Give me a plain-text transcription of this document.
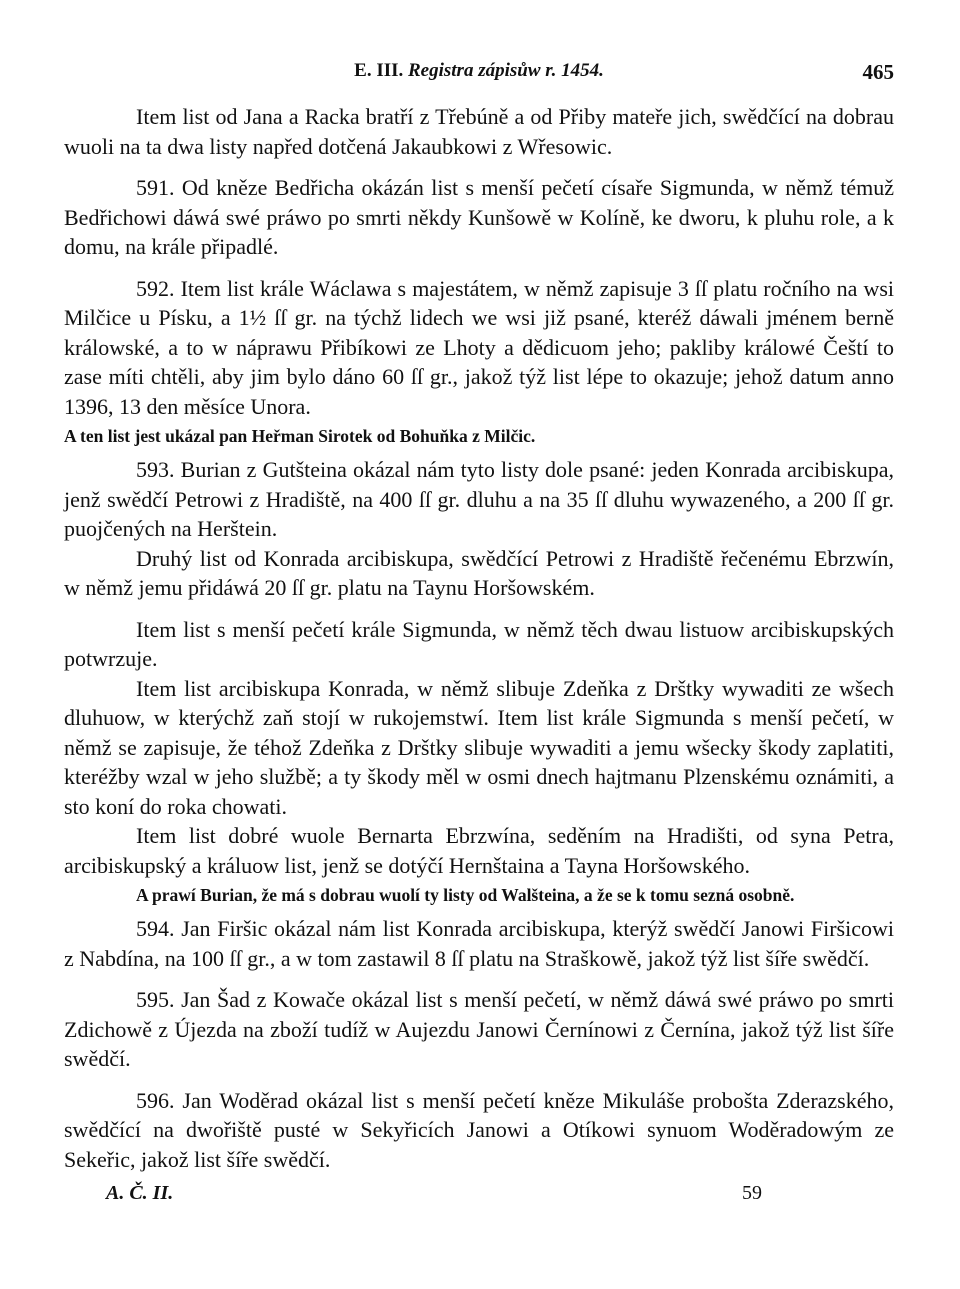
E. III. Registra zápisůw r. 1454.	465

Item list od Jana a Racka bratří z Třebúně a od Přiby mateře jich, swědčící na dobrau wuoli na ta dwa listy napřed dotčená Jakaubkowi z Wřesowic.

591. Od kněze Bedřicha okázán list s menší pečetí císaře Sigmunda, w němž témuž Bedřichowi dáwá swé práwo po smrti někdy Kunšowě w Kolíně, ke dworu, k pluhu role, a k domu, na krále připadlé.

592. Item list krále Wáclawa s majestátem, w němž zapisuje 3 ſſ platu ročního na wsi Milčice u Písku, a 1½ ſſ gr. na týchž lidech we wsi již psané, kteréž dáwali jménem berně králowské, a to w náprawu Přibíkowi ze Lhoty a dědicuom jeho; pakliby králowé Čeští to zase míti chtěli, aby jim bylo dáno 60 ſſ gr., jakož týž list lépe to okazuje; jehož datum anno 1396, 13 den měsíce Unora.

A ten list jest ukázal pan Heřman Sirotek od Bohuňka z Milčic.

593. Burian z Gutšteina okázal nám tyto listy dole psané: jeden Konrada arcibiskupa, jenž swědčí Petrowi z Hradiště, na 400 ſſ gr. dluhu a na 35 ſſ dluhu wywazeného, a 200 ſſ gr. puojčených na Herštein.

Druhý list od Konrada arcibiskupa, swědčící Petrowi z Hradiště řečenému Ebrzwín, w němž jemu přidáwá 20 ſſ gr. platu na Taynu Horšowském.

Item list s menší pečetí krále Sigmunda, w němž těch dwau listuow arcibiskupských potwrzuje.

Item list arcibiskupa Konrada, w němž slibuje Zdeňka z Drštky wywaditi ze wšech dluhuow, w kterýchž zaň stojí w rukojemstwí. Item list krále Sigmunda s menší pečetí, w němž se zapisuje, že téhož Zdeňka z Drštky slibuje wywaditi a jemu wšecky škody zaplatiti, kteréžby wzal w jeho službě; a ty škody měl w osmi dnech hajtmanu Plzenskému oznámiti, a sto koní do roka chowati.

Item list dobré wuole Bernarta Ebrzwína, seděním na Hradišti, od syna Petra, arcibiskupský a králuow list, jenž se dotýčí Hernštaina a Tayna Horšowského.

A prawí Burian, že má s dobrau wuolí ty listy od Walšteina, a že se k tomu sezná osobně.

594. Jan Firšic okázal nám list Konrada arcibiskupa, kterýž swědčí Janowi Firšicowi z Nabdína, na 100 ſſ gr., a w tom zastawil 8 ſſ platu na Straškowě, jakož týž list šíře swědčí.

595. Jan Šad z Kowače okázal list s menší pečetí, w němž dáwá swé práwo po smrti Zdichowě z Újezda na zboží tudíž w Aujezdu Janowi Černínowi z Černína, jakož týž list šíře swědčí.

596. Jan Woděrad okázal list s menší pečetí kněze Mikuláše probošta Zderazského, swědčící na dwořiště pusté w Sekyřicích Janowi a Otíkowi synuom Woděradowým ze Sekeřic, jakož list šíře swědčí.

A. Č. II.	59
